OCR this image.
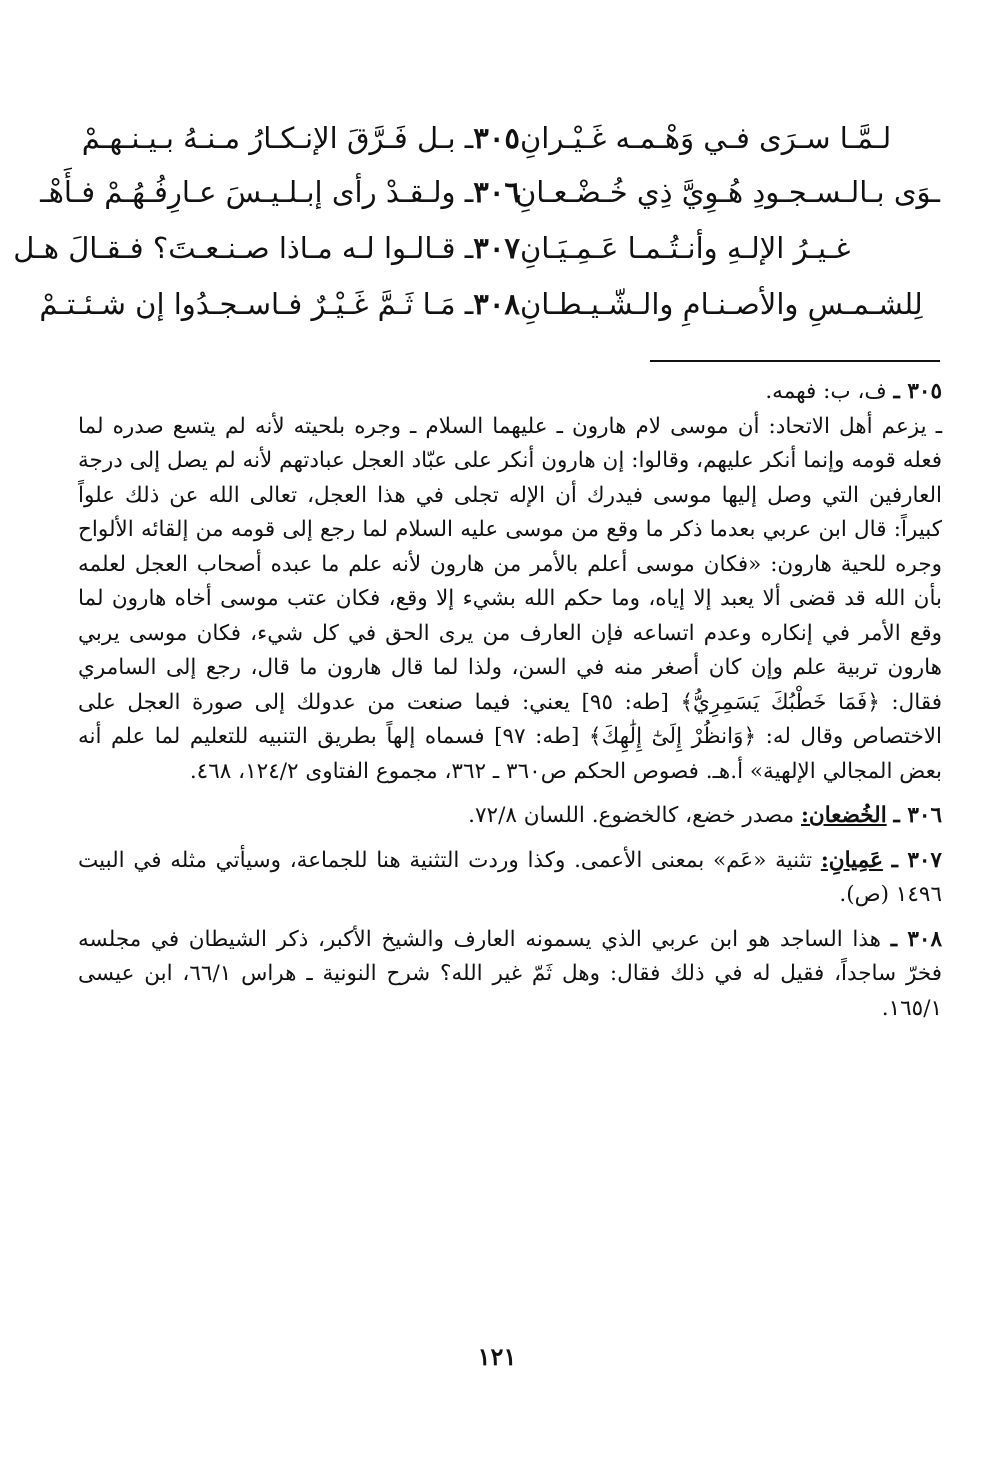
٣٠٥ـ بـل فَـرَّقَ الإنـكـارُ مـنـهُ بـيـنـهـمْ	لـمَّـا سـرَى فـي وَهْـمـه غَـيْـرانِ
٣٠٦ـ ولـقـدْ رأى إبـلـيـسَ عـارِفُـهُـمْ فـأَهْـ	ـوَى بـالـسـجـودِ هُـوِيَّ ذِي خُـضْـعـانِ
٣٠٧ـ قـالـوا لـه مـاذا صـنـعـتَ؟ فـقـالَ هـل	غـيـرُ الإلـهِ وأنـتُـمـا عَـمِـيَـانِ
٣٠٨ـ مَـا ثَـمَّ غَـيْـرٌ فـاسـجـدُوا إن شـئـتـمْ	لِلشـمـسِ والأصـنـامِ والـشّـيـطـانِ

٣٠٥ ـ ف، ب: فهمه.

ـ يزعم أهل الاتحاد: أن موسى لام هارون ـ عليهما السلام ـ وجره بلحيته لأنه لم يتسع صدره لما فعله قومه وإنما أنكر عليهم، وقالوا: إن هارون أنكر على عبّاد العجل عبادتهم لأنه لم يصل إلى درجة العارفين التي وصل إليها موسى فيدرك أن الإله تجلى في هذا العجل، تعالى الله عن ذلك علواً كبيراً: قال ابن عربي بعدما ذكر ما وقع من موسى عليه السلام لما رجع إلى قومه من إلقائه الألواح وجره للحية هارون: «فكان موسى أعلم بالأمر من هارون لأنه علم ما عبده أصحاب العجل لعلمه بأن الله قد قضى ألا يعبد إلا إياه، وما حكم الله بشيء إلا وقع، فكان عتب موسى أخاه هارون لما وقع الأمر في إنكاره وعدم اتساعه فإن العارف من يرى الحق في كل شيء، فكان موسى يربي هارون تربية علم وإن كان أصغر منه في السن، ولذا لما قال هارون ما قال، رجع إلى السامري فقال: ﴿فَمَا خَطْبُكَ يَسَمِرِيُّ﴾ [طه: ٩٥] يعني: فيما صنعت من عدولك إلى صورة العجل على الاختصاص وقال له: ﴿وَانظُرْ إِلَىٰٓ إِلَٰهِكَ﴾ [طه: ٩٧] فسماه إلهاً بطريق التنبيه للتعليم لما علم أنه بعض المجالي الإلهية» أ.هـ. فصوص الحكم ص٣٦٠ ـ ٣٦٢، مجموع الفتاوى ١٢٤/٢، ٤٦٨.

٣٠٦ ـ الخُضعان: مصدر خضع، كالخضوع. اللسان ٧٢/٨.

٣٠٧ ـ عَمِيانِ: تثنية «عَم» بمعنى الأعمى. وكذا وردت التثنية هنا للجماعة، وسيأتي مثله في البيت ١٤٩٦ (ص).

٣٠٨ ـ هذا الساجد هو ابن عربي الذي يسمونه العارف والشيخ الأكبر، ذكر الشيطان في مجلسه فخرّ ساجداً، فقيل له في ذلك فقال: وهل ثَمّ غير الله؟ شرح النونية ـ هراس ٦٦/١، ابن عيسى ١٦٥/١.

١٢١
